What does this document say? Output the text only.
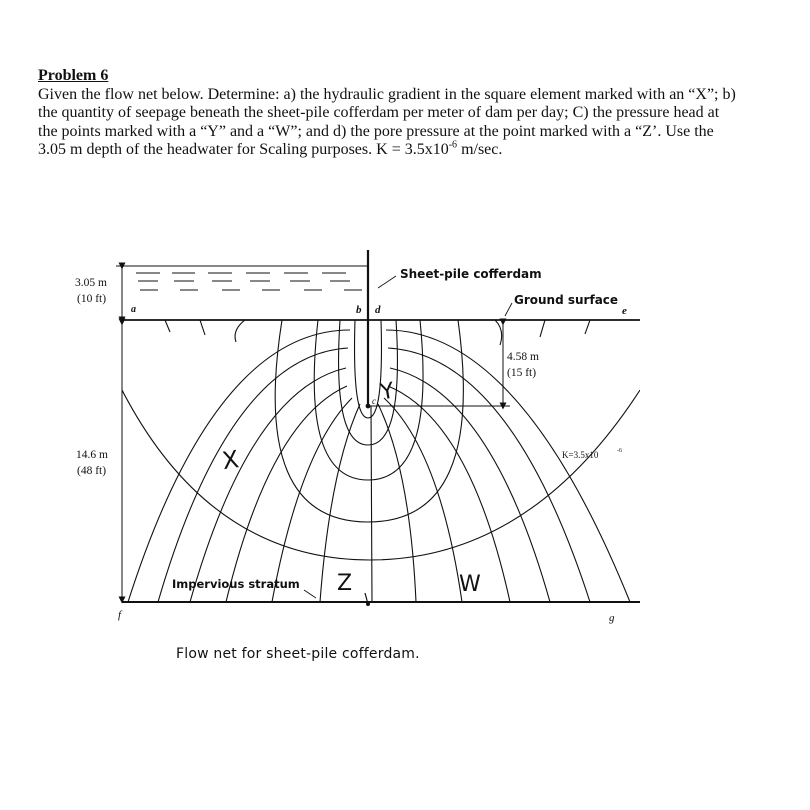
Problem 6
Given the flow net below. Determine: a) the hydraulic gradient in the square element marked with an “X”; b) the quantity of seepage beneath the sheet-pile cofferdam per meter of dam per day; C) the pressure head at the points marked with a “Y” and a “W”; and d) the pore pressure at the point marked with a “Z’. Use the 3.05 m depth of the headwater for Scaling purposes. $K = 3.5x10^{-6}$ m/sec.
3.05 m
(10 ft)
14.6 m
(48 ft)
4.58 m
(15 ft)
Sheet-pile cofferdam
Ground surface
Impervious stratum
K=3.5x10	-6
a	b d
c
e
f	g
X
Y
Z	W
Flow net for sheet-pile cofferdam.
